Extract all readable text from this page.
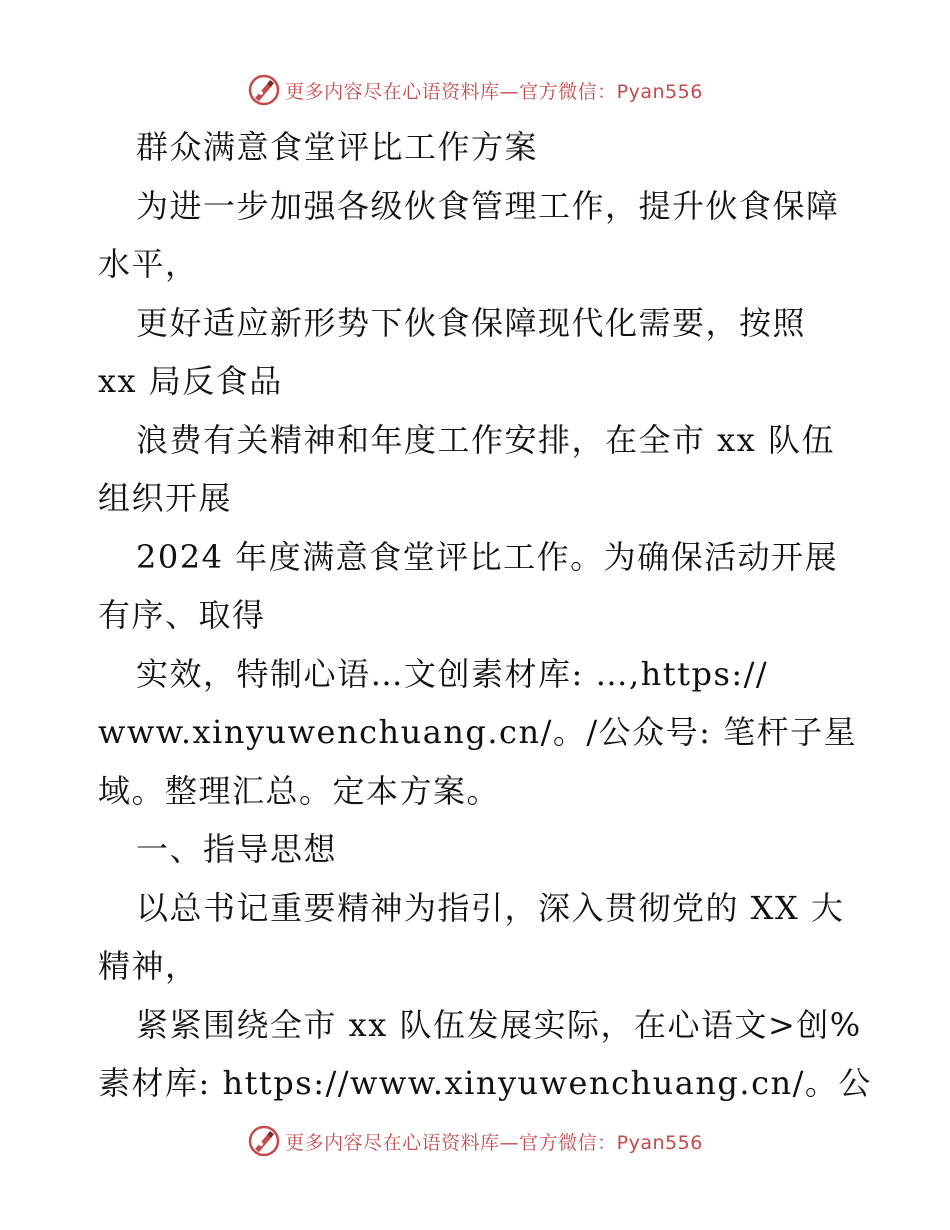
更多内容尽在心语资料库—官方微信：Pyan556
群众满意食堂评比工作方案
为进一步加强各级伙食管理工作，提升伙食保障
水平，
更好适应新形势下伙食保障现代化需要，按照
xx 局反食品
浪费有关精神和年度工作安排，在全市 xx 队伍
组织开展
2024 年度满意食堂评比工作。为确保活动开展
有序、取得
实效，特制心语…文创素材库: …,https://
www.xinyuwenchuang.cn/。/公众号: 笔杆子星
域。整理汇总。定本方案。
一、指导思想
以总书记重要精神为指引，深入贯彻党的 XX 大
精神，
紧紧围绕全市 xx 队伍发展实际，在心语文>创%
素材库: https://www.xinyuwenchuang.cn/。公
更多内容尽在心语资料库—官方微信：Pyan556
